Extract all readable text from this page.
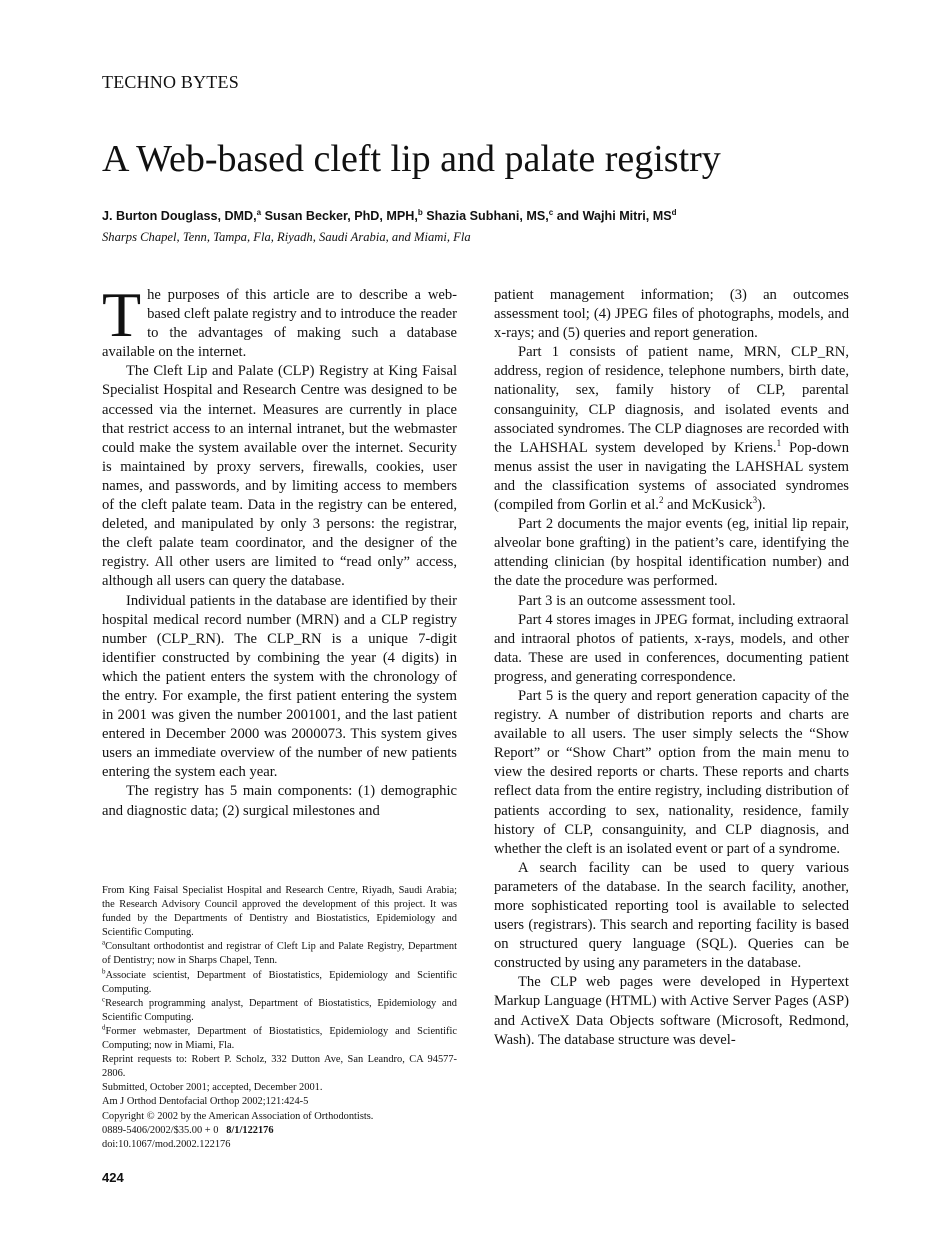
TECHNO BYTES
A Web-based cleft lip and palate registry
J. Burton Douglass, DMD,$^a$ Susan Becker, PhD, MPH,$^b$ Shazia Subhani, MS,$^c$ and Wajhi Mitri, $MS^d$
Sharps Chapel, Tenn, Tampa, Fla, Riyadh, Saudi Arabia, and Miami, Fla

The purposes of this article are to describe a web-based cleft palate registry and to introduce the reader to the advantages of making such a database available on the internet.

The Cleft Lip and Palate (CLP) Registry at King Faisal Specialist Hospital and Research Centre was designed to be accessed via the internet. Measures are currently in place that restrict access to an internal intranet, but the webmaster could make the system available over the internet. Security is maintained by proxy servers, firewalls, cookies, user names, and passwords, and by limiting access to members of the cleft palate team. Data in the registry can be entered, deleted, and manipulated by only 3 persons: the registrar, the cleft palate team coordinator, and the designer of the registry. All other users are limited to “read only” access, although all users can query the database.

Individual patients in the database are identified by their hospital medical record number (MRN) and a CLP registry number (CLP_RN). The CLP_RN is a unique 7-digit identifier constructed by combining the year (4 digits) in which the patient enters the system with the chronology of the entry. For example, the first patient entering the system in 2001 was given the number 2001001, and the last patient entered in December 2000 was 2000073. This system gives users an immediate overview of the number of new patients entering the system each year.

The registry has 5 main components: (1) demographic and diagnostic data; (2) surgical milestones and

patient management information; (3) an outcomes assessment tool; (4) JPEG files of photographs, models, and x-rays; and (5) queries and report generation.

Part 1 consists of patient name, MRN, CLP_RN, address, region of residence, telephone numbers, birth date, nationality, sex, family history of CLP, parental consanguinity, CLP diagnosis, and isolated events and associated syndromes. The CLP diagnoses are recorded with the LAHSHAL system developed by Kriens.$^1$ Pop-down menus assist the user in navigating the LAHSHAL system and the classification systems of associated syndromes (compiled from Gorlin et al.$^2$ and McKusick$^3$).

Part 2 documents the major events (eg, initial lip repair, alveolar bone grafting) in the patient’s care, identifying the attending clinician (by hospital identification number) and the date the procedure was performed.

Part 3 is an outcome assessment tool.

Part 4 stores images in JPEG format, including extraoral and intraoral photos of patients, x-rays, models, and other data. These are used in conferences, documenting patient progress, and generating correspondence.

Part 5 is the query and report generation capacity of the registry. A number of distribution reports and charts are available to all users. The user simply selects the “Show Report” or “Show Chart” option from the main menu to view the desired reports or charts. These reports and charts reflect data from the entire registry, including distribution of patients according to sex, nationality, residence, family history of CLP, consanguinity, and CLP diagnosis, and whether the cleft is an isolated event or part of a syndrome.

A search facility can be used to query various parameters of the database. In the search facility, another, more sophisticated reporting tool is available to selected users (registrars). This search and reporting facility is based on structured query language (SQL). Queries can be constructed by using any parameters in the database.

The CLP web pages were developed in Hypertext Markup Language (HTML) with Active Server Pages (ASP) and ActiveX Data Objects software (Microsoft, Redmond, Wash). The database structure was devel-

From King Faisal Specialist Hospital and Research Centre, Riyadh, Saudi Arabia; the Research Advisory Council approved the development of this project. It was funded by the Departments of Dentistry and Biostatistics, Epidemiology and Scientific Computing.
$^a$Consultant orthodontist and registrar of Cleft Lip and Palate Registry, Department of Dentistry; now in Sharps Chapel, Tenn.
$^b$Associate scientist, Department of Biostatistics, Epidemiology and Scientific Computing.
$^c$Research programming analyst, Department of Biostatistics, Epidemiology and Scientific Computing.
$^d$Former webmaster, Department of Biostatistics, Epidemiology and Scientific Computing; now in Miami, Fla.
Reprint requests to: Robert P. Scholz, 332 Dutton Ave, San Leandro, CA 94577-2806.
Submitted, October 2001; accepted, December 2001.
Am J Orthod Dentofacial Orthop 2002;121:424-5
Copyright © 2002 by the American Association of Orthodontists.
0889-5406/2002/$35.00 + 0 8/1/122176
doi:10.1067/mod.2002.122176
424
